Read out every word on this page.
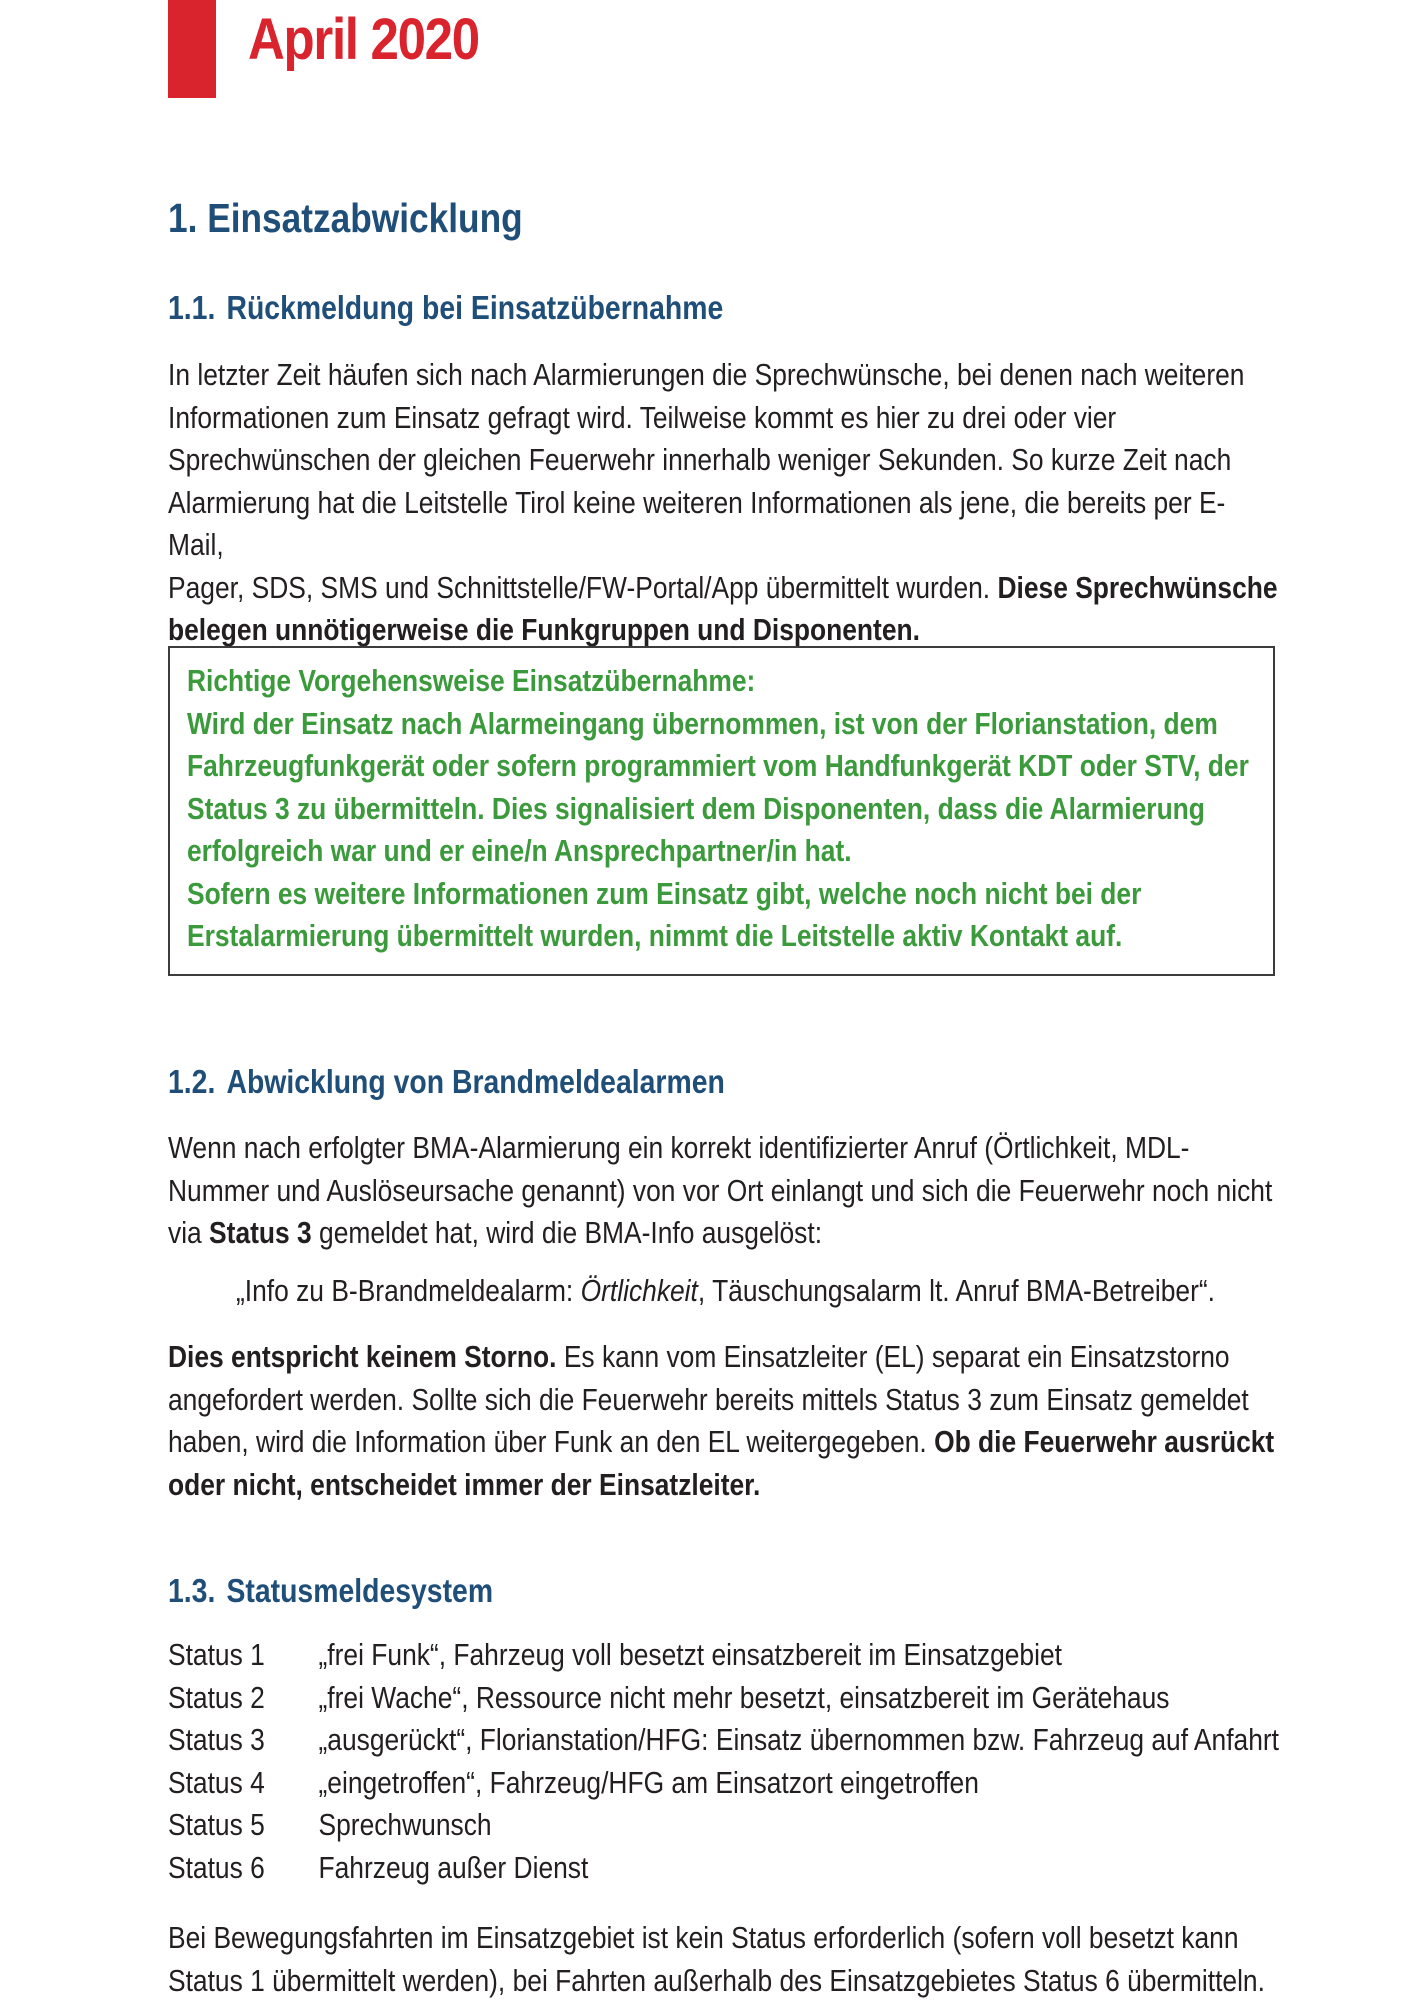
April 2020
1. Einsatzabwicklung
1.1. Rückmeldung bei Einsatzübernahme

In letzter Zeit häufen sich nach Alarmierungen die Sprechwünsche, bei denen nach weiteren

Informationen zum Einsatz gefragt wird. Teilweise kommt es hier zu drei oder vier

Sprechwünschen der gleichen Feuerwehr innerhalb weniger Sekunden. So kurze Zeit nach

Alarmierung hat die Leitstelle Tirol keine weiteren Informationen als jene, die bereits per E-Mail,

Pager, SDS, SMS und Schnittstelle/FW-Portal/App übermittelt wurden. Diese Sprechwünsche

belegen unnötigerweise die Funkgruppen und Disponenten.

Richtige Vorgehensweise Einsatzübernahme:

Wird der Einsatz nach Alarmeingang übernommen, ist von der Florianstation, dem

Fahrzeugfunkgerät oder sofern programmiert vom Handfunkgerät KDT oder STV, der

Status 3 zu übermitteln. Dies signalisiert dem Disponenten, dass die Alarmierung

erfolgreich war und er eine/n Ansprechpartner/in hat.

Sofern es weitere Informationen zum Einsatz gibt, welche noch nicht bei der

Erstalarmierung übermittelt wurden, nimmt die Leitstelle aktiv Kontakt auf.

1.2. Abwicklung von Brandmeldealarmen

Wenn nach erfolgter BMA-Alarmierung ein korrekt identifizierter Anruf (Örtlichkeit, MDL-

Nummer und Auslöseursache genannt) von vor Ort einlangt und sich die Feuerwehr noch nicht

via Status 3 gemeldet hat, wird die BMA-Info ausgelöst:

„Info zu B-Brandmeldealarm: Örtlichkeit, Täuschungsalarm lt. Anruf BMA-Betreiber“.

Dies entspricht keinem Storno. Es kann vom Einsatzleiter (EL) separat ein Einsatzstorno

angefordert werden. Sollte sich die Feuerwehr bereits mittels Status 3 zum Einsatz gemeldet

haben, wird die Information über Funk an den EL weitergegeben. Ob die Feuerwehr ausrückt

oder nicht, entscheidet immer der Einsatzleiter.

1.3. Statusmeldesystem
Status 1	„frei Funk“, Fahrzeug voll besetzt einsatzbereit im Einsatzgebiet
Status 2	„frei Wache“, Ressource nicht mehr besetzt, einsatzbereit im Gerätehaus
Status 3	„ausgerückt“, Florianstation/HFG: Einsatz übernommen bzw. Fahrzeug auf Anfahrt
Status 4	„eingetroffen“, Fahrzeug/HFG am Einsatzort eingetroffen
Status 5	Sprechwunsch
Status 6	Fahrzeug außer Dienst

Bei Bewegungsfahrten im Einsatzgebiet ist kein Status erforderlich (sofern voll besetzt kann

Status 1 übermittelt werden), bei Fahrten außerhalb des Einsatzgebietes Status 6 übermitteln.
